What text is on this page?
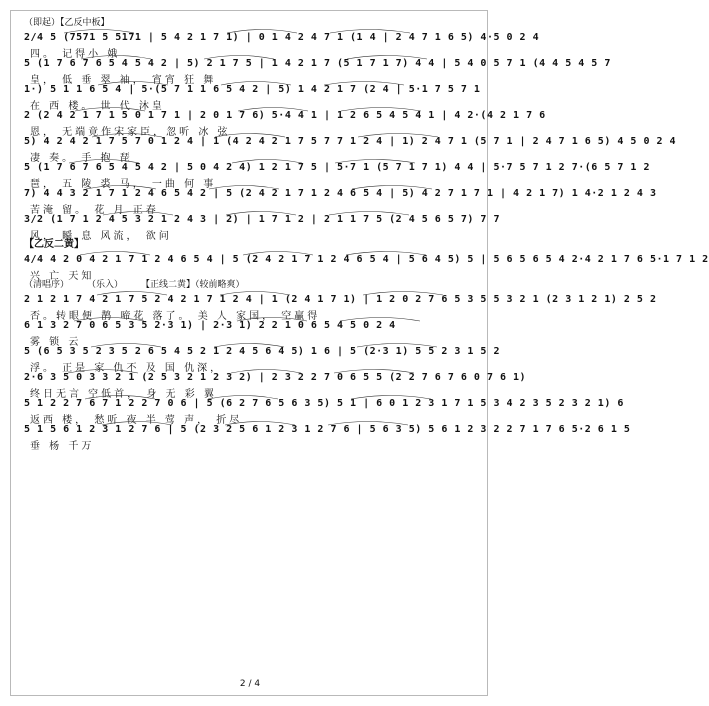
（即起）【乙反中板】
2/4 5 (7571 5 5171 | 5 4 2 1 7 1) | 0 1 4 2 4 7 1 (1 4 | 2 4 7 1 6 5) 4·5 0 2 4
四。 记得小 娥
5 (1 7 6 7 6 5 4 5 4 2 | 5) 2 1 7 5 | 1 4 2 1 7 (5 1 7 1 7) 4 4 | 5 4 0 5 7 1 (4 4 5 4 5 7
皇， 低 垂 翠 袖， 宵宵 狂 舞
1·) 5 1 1 6 5 4 | 5·(5 7 1 1 6 5 4 2 | 5) 1 4 2 1 7 (2 4 | 5·1 7 5 7 1
在 西 楼。 世 代 沐皇
2 (2 4 2 1 7 1 5 0 1 7 1 | 2 0 1 7 6) 5·4 4 1 | 1 2 6 5 4 5 4 1 | 4 2·(4 2 1 7 6
恩， 无端竟作宋家臣，忽听 冰 弦
5) 4 2 4 2 1 7 5 7 0 1 2 4 | 1 (4 2 4 2 1 7 5 7 7 1 2 4 | 1) 2 4 7 1 (5 7 1 | 2 4 7 1 6 5) 4 5 0 2 4
凄 奏。 手 抱 琵
5 (1 7 6 7 6 5 4 5 4 2 | 5 0 4 2 4) 1 2 1 7 5 | 5·7 1 (5 7 1 7 1) 4 4 | 5·7 5 7 1 2 7·(6 5 7 1 2
琶， 五 陵 裘 马， 一曲 何 事
7) 4 4 3 2 1 7 1 2 4 6 5 4 2 | 5 (2 4 2 1 7 1 2 4 6 5 4 | 5) 4 2 7 1 7 1 | 4 2 1 7) 1 4·2 1 2 4 3
苦淹 留。 花 月 正春
3/2 (1 7 1 2 4 5 3 2 1 2 4 3 | 2) | 1 7 1 2 | 2 1 1 7 5 (2 4 5 6 5 7) 7 7
风， 瞬 息 风流， 欲问
【乙反二黄】
4/4 4 2 0 4 2 1 7 1 2 4 6 5 4 | 5 (2 4 2 1 7 1 2 4 6 5 4 | 5 6 4 5) 5 | 5 6 5 6 5 4 2·4 2 1 7 6 5·1 7 1 2
兴 亡 天知
（清唱序） （乐入） 【正线二黄】（较前略爽）
2 1 2 1 7 4 2 1 7 5 2 4 2 1 7 1 2 4 | 1 (2 4 1 7 1) | 1 2 0 2 7 6 5 3 5 5 3 2 1 (2 3 1 2 1) 2 5 2
否。转眼便 鹊 啼花 落了。 美 人 家国， 空赢得
6 1 3 2 7 0 6 5 3 5 2·3 1) | 2·3 1) 2 2 1 0 6 5 4 5 0 2 4
雾 锁 云
5 (6 5 3 5 2 3 5 2 6 5 4 5 2 1 2 4 5 6 4 5) 1 6 | 5 (2·3 1) 5 5 2 3 1 5 2
浮。 正是 家 仇不 及 国 仇深，
2·6 3 5 0 3 3 2 1 (2 5 3 2 1 2 3 2) | 2 3 2 2 7 0 6 5 5 (2 2 7 6 7 6 0 7 6 1)
终日无言 空低首， 身 无 彩 翼
5 1 2 2 7 6 7 1 2 2 7 0 6 | 5 (6 2 7 6 5 6 3 5) 5 1 | 6 0 1 2 3 1 7 1 5 3 4 2 3 5 2 3 2 1) 6
返西 楼， 愁听 夜 半 莺 声， 折尽
5 1 5 6 1 2 3 1 2 7 6 | 5 (2 3 2 5 6 1 2 3 1 2 7 6 | 5 6 3 5) 5 6 1 2 3 2 2 7 1 7 6 5·2 6 1 5
垂 杨 千万
2 / 4
